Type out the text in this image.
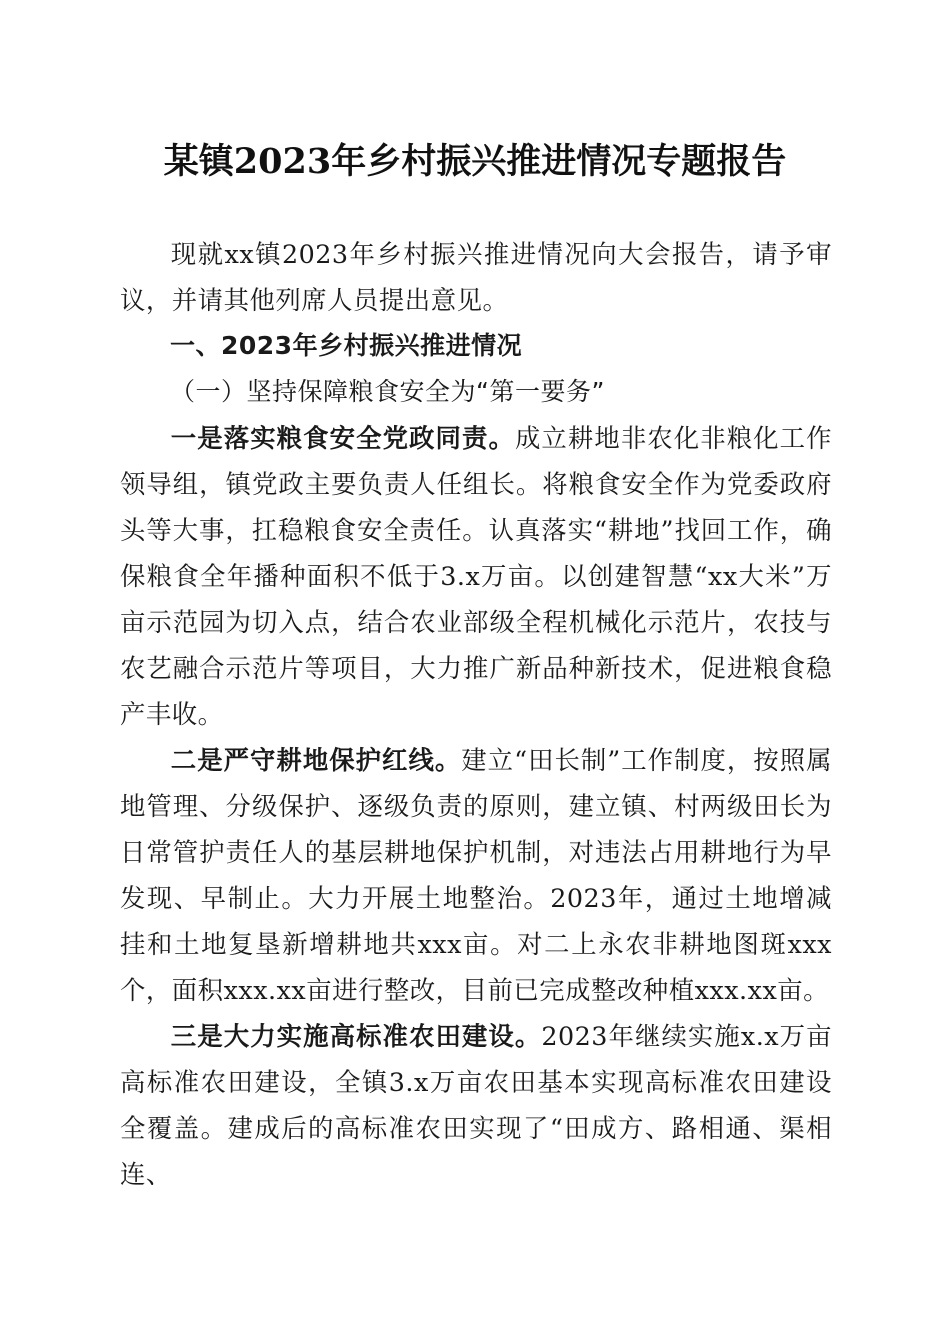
某镇2023年乡村振兴推进情况专题报告

现就xx镇2023年乡村振兴推进情况向大会报告，请予审议，并请其他列席人员提出意见。

一、2023年乡村振兴推进情况

（一）坚持保障粮食安全为“第一要务”

一是落实粮食安全党政同责。成立耕地非农化非粮化工作领导组，镇党政主要负责人任组长。将粮食安全作为党委政府头等大事，扛稳粮食安全责任。认真落实“耕地”找回工作，确保粮食全年播种面积不低于3.x万亩。以创建智慧“xx大米”万亩示范园为切入点，结合农业部级全程机械化示范片，农技与农艺融合示范片等项目，大力推广新品种新技术，促进粮食稳产丰收。

二是严守耕地保护红线。建立“田长制”工作制度，按照属地管理、分级保护、逐级负责的原则，建立镇、村两级田长为日常管护责任人的基层耕地保护机制，对违法占用耕地行为早发现、早制止。大力开展土地整治。2023年，通过土地增减挂和土地复垦新增耕地共xxx亩。对二上永农非耕地图斑xxx个，面积xxx.xx亩进行整改，目前已完成整改种植xxx.xx亩。

三是大力实施高标准农田建设。2023年继续实施x.x万亩高标准农田建设，全镇3.x万亩农田基本实现高标准农田建设全覆盖。建成后的高标准农田实现了“田成方、路相通、渠相连、
